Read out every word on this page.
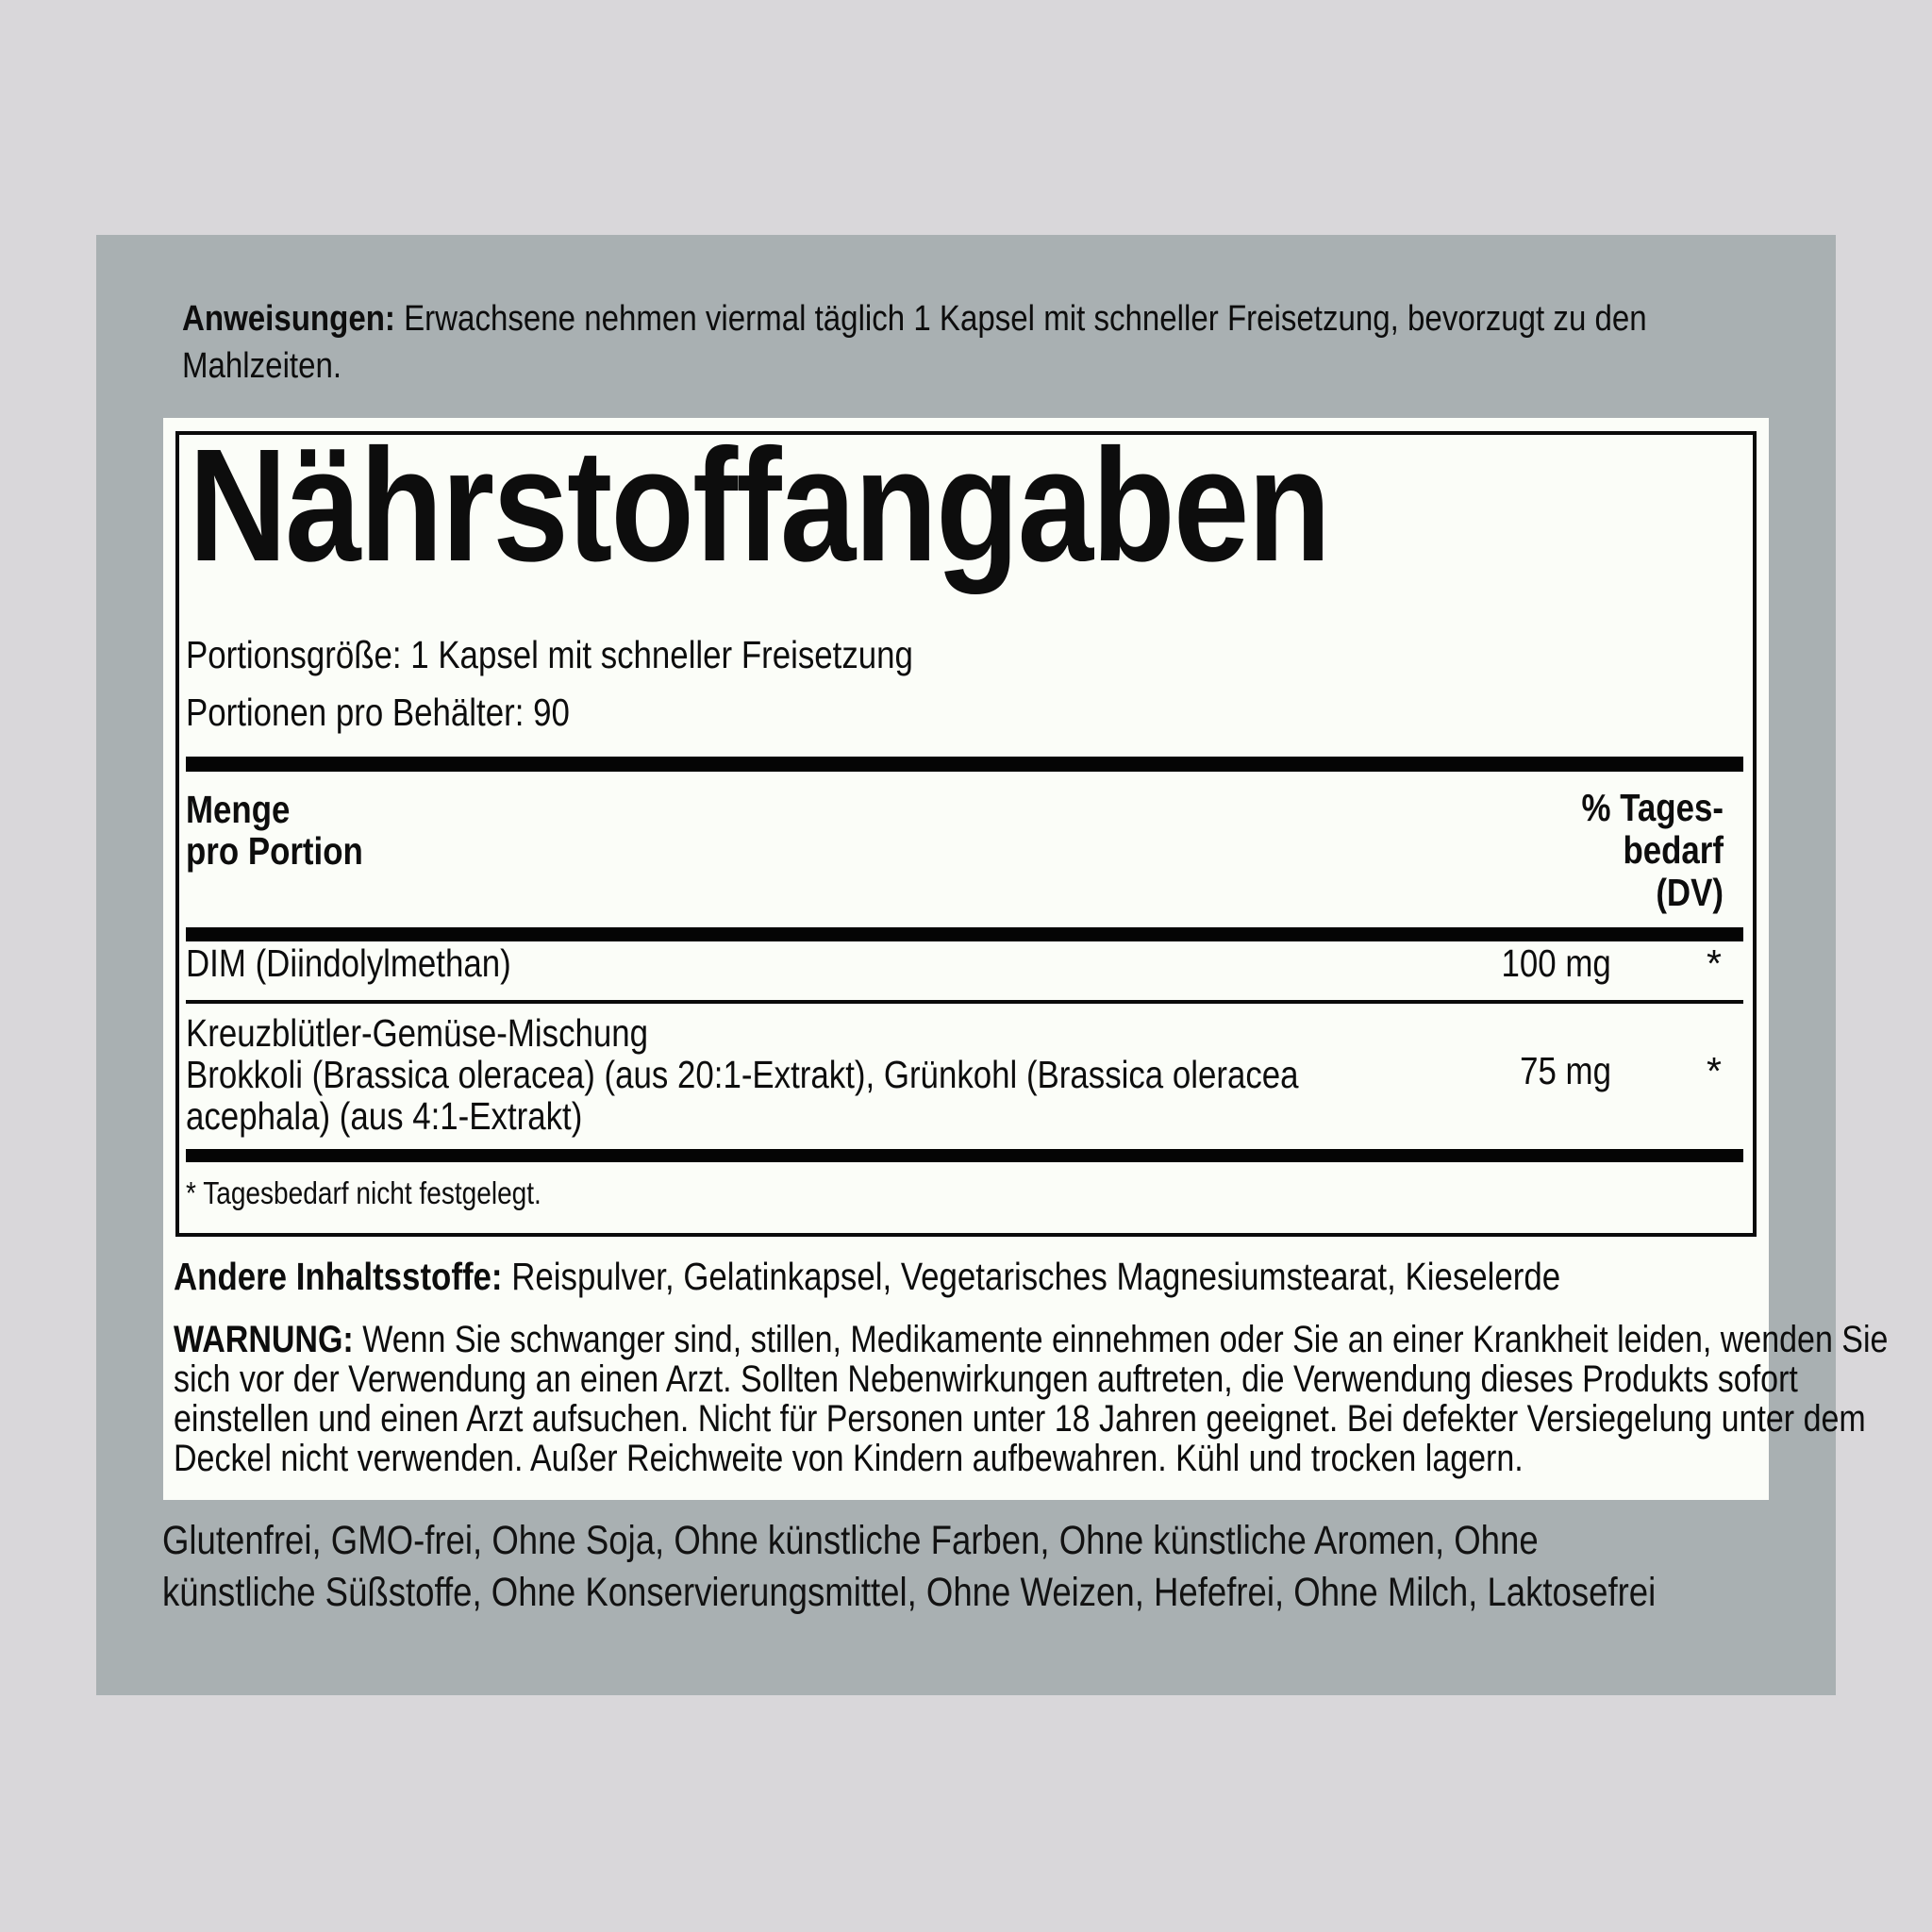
Anweisungen: Erwachsene nehmen viermal täglich 1 Kapsel mit schneller Freisetzung, bevorzugt zu den
Mahlzeiten.
Nährstoffangaben
Portionsgröße: 1 Kapsel mit schneller Freisetzung
Portionen pro Behälter: 90
Menge
pro Portion
% Tages-
bedarf
(DV)
DIM (Diindolylmethan)	100 mg *
Kreuzblütler-Gemüse-Mischung
Brokkoli (Brassica oleracea) (aus 20:1-Extrakt), Grünkohl (Brassica oleracea
acephala) (aus 4:1-Extrakt)
75 mg *
* Tagesbedarf nicht festgelegt.
Andere Inhaltsstoffe: Reispulver, Gelatinkapsel, Vegetarisches Magnesiumstearat, Kieselerde
WARNUNG: Wenn Sie schwanger sind, stillen, Medikamente einnehmen oder Sie an einer Krankheit leiden, wenden Sie
sich vor der Verwendung an einen Arzt. Sollten Nebenwirkungen auftreten, die Verwendung dieses Produkts sofort
einstellen und einen Arzt aufsuchen. Nicht für Personen unter 18 Jahren geeignet. Bei defekter Versiegelung unter dem
Deckel nicht verwenden. Außer Reichweite von Kindern aufbewahren. Kühl und trocken lagern.
Glutenfrei, GMO-frei, Ohne Soja, Ohne künstliche Farben, Ohne künstliche Aromen, Ohne
künstliche Süßstoffe, Ohne Konservierungsmittel, Ohne Weizen, Hefefrei, Ohne Milch, Laktosefrei
